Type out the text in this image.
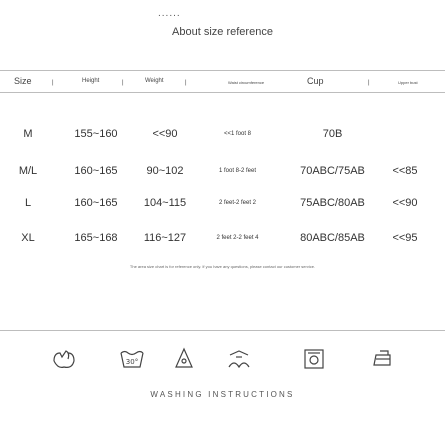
......
About size reference
Size	|	Height	|	Weight	|	Waist circumference	Cup	|	Upper bust
M	155~160	<<90	<<1 foot 8	70B
M/L	160~165	90~102	1 foot 8-2 feet	70ABC/75AB	<<85
L	160~165	104~115	2 feet-2 feet 2	75ABC/80AB	<<90
XL	165~168	116~127	2 feet 2-2 feet 4	80ABC/85AB	<<95
The area size chart is for reference only. If you have any questions, please contact our customer service.
30°
WASHING INSTRUCTIONS
